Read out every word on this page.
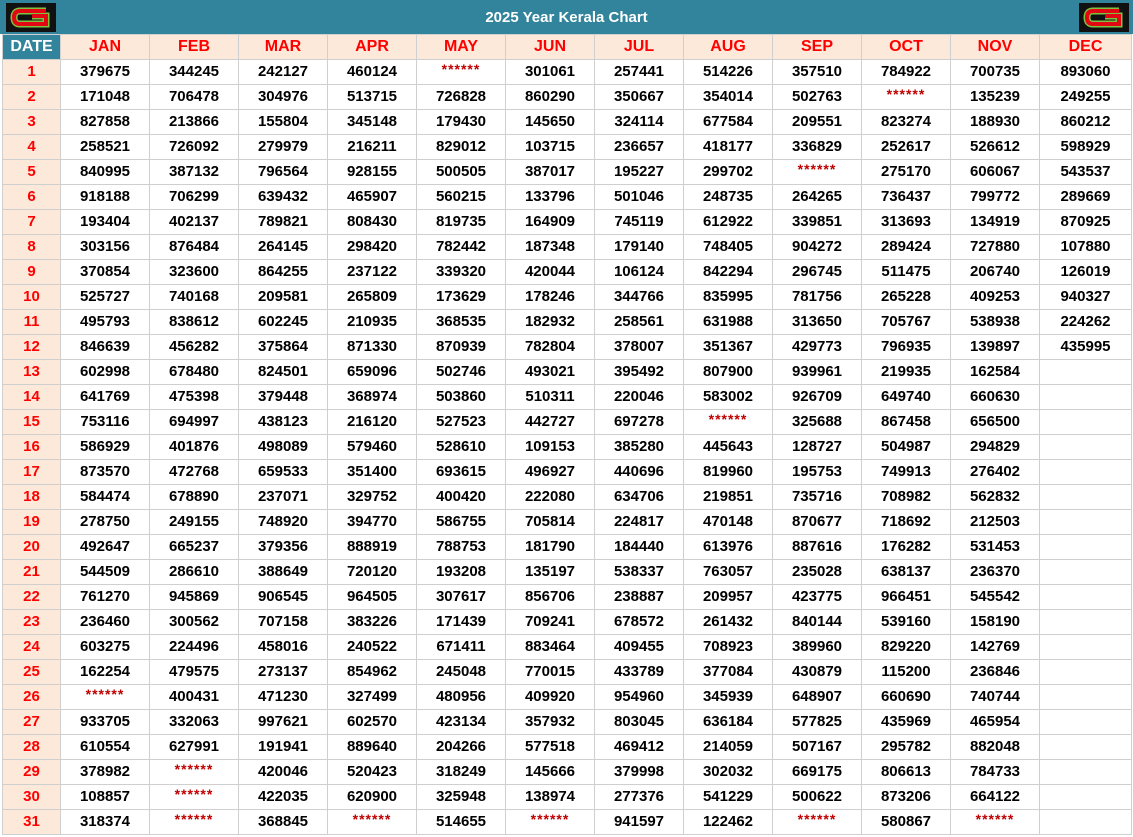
2025 Year Kerala Chart
DATE	JAN	FEB	MAR	APR	MAY	JUN	JUL	AUG	SEP	OCT	NOV	DEC
1	379675	344245	242127	460124	******	301061	257441	514226	357510	784922	700735	893060
2	171048	706478	304976	513715	726828	860290	350667	354014	502763	******	135239	249255
3	827858	213866	155804	345148	179430	145650	324114	677584	209551	823274	188930	860212
4	258521	726092	279979	216211	829012	103715	236657	418177	336829	252617	526612	598929
5	840995	387132	796564	928155	500505	387017	195227	299702	******	275170	606067	543537
6	918188	706299	639432	465907	560215	133796	501046	248735	264265	736437	799772	289669
7	193404	402137	789821	808430	819735	164909	745119	612922	339851	313693	134919	870925
8	303156	876484	264145	298420	782442	187348	179140	748405	904272	289424	727880	107880
9	370854	323600	864255	237122	339320	420044	106124	842294	296745	511475	206740	126019
10	525727	740168	209581	265809	173629	178246	344766	835995	781756	265228	409253	940327
11	495793	838612	602245	210935	368535	182932	258561	631988	313650	705767	538938	224262
12	846639	456282	375864	871330	870939	782804	378007	351367	429773	796935	139897	435995
13	602998	678480	824501	659096	502746	493021	395492	807900	939961	219935	162584	
14	641769	475398	379448	368974	503860	510311	220046	583002	926709	649740	660630	
15	753116	694997	438123	216120	527523	442727	697278	******	325688	867458	656500	
16	586929	401876	498089	579460	528610	109153	385280	445643	128727	504987	294829	
17	873570	472768	659533	351400	693615	496927	440696	819960	195753	749913	276402	
18	584474	678890	237071	329752	400420	222080	634706	219851	735716	708982	562832	
19	278750	249155	748920	394770	586755	705814	224817	470148	870677	718692	212503	
20	492647	665237	379356	888919	788753	181790	184440	613976	887616	176282	531453	
21	544509	286610	388649	720120	193208	135197	538337	763057	235028	638137	236370	
22	761270	945869	906545	964505	307617	856706	238887	209957	423775	966451	545542	
23	236460	300562	707158	383226	171439	709241	678572	261432	840144	539160	158190	
24	603275	224496	458016	240522	671411	883464	409455	708923	389960	829220	142769	
25	162254	479575	273137	854962	245048	770015	433789	377084	430879	115200	236846	
26	******	400431	471230	327499	480956	409920	954960	345939	648907	660690	740744	
27	933705	332063	997621	602570	423134	357932	803045	636184	577825	435969	465954	
28	610554	627991	191941	889640	204266	577518	469412	214059	507167	295782	882048	
29	378982	******	420046	520423	318249	145666	379998	302032	669175	806613	784733	
30	108857	******	422035	620900	325948	138974	277376	541229	500622	873206	664122	
31	318374	******	368845	******	514655	******	941597	122462	******	580867	******	
